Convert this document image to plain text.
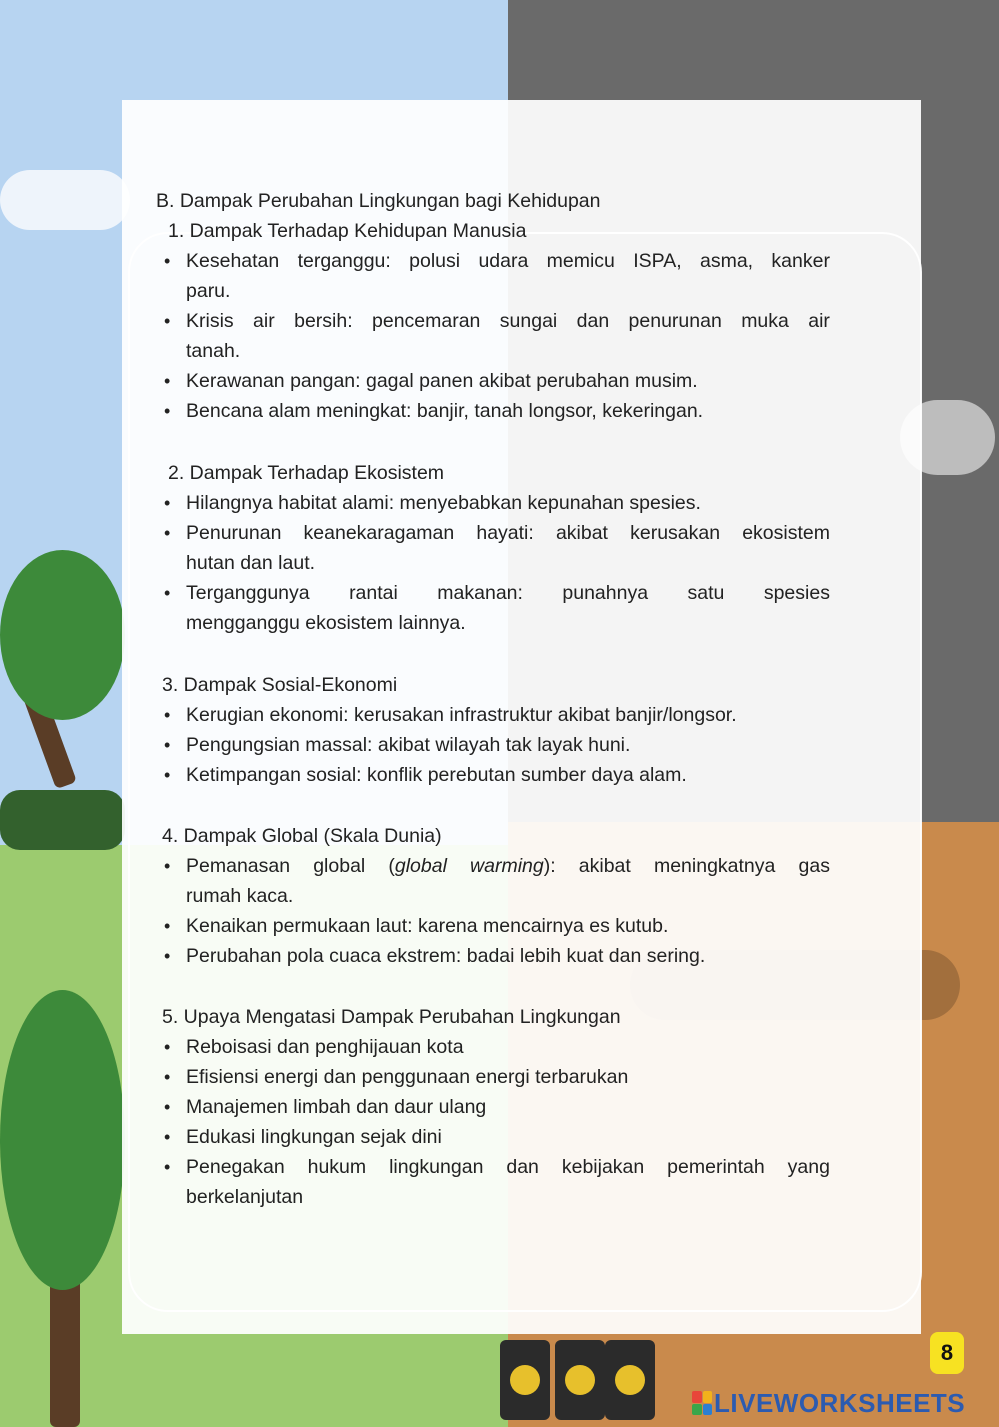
B. Dampak Perubahan Lingkungan bagi Kehidupan
1. Dampak Terhadap Kehidupan Manusia
• Kesehatan terganggu: polusi udara memicu ISPA, asma, kanker
paru.
• Krisis air bersih: pencemaran sungai dan penurunan muka air
tanah.
• Kerawanan pangan: gagal panen akibat perubahan musim.
• Bencana alam meningkat: banjir, tanah longsor, kekeringan.
2. Dampak Terhadap Ekosistem
• Hilangnya habitat alami: menyebabkan kepunahan spesies.
• Penurunan keanekaragaman hayati: akibat kerusakan ekosistem
hutan dan laut.
• Terganggunya rantai makanan: punahnya satu spesies
mengganggu ekosistem lainnya.
3. Dampak Sosial-Ekonomi
• Kerugian ekonomi: kerusakan infrastruktur akibat banjir/longsor.
• Pengungsian massal: akibat wilayah tak layak huni.
• Ketimpangan sosial: konflik perebutan sumber daya alam.
4. Dampak Global (Skala Dunia)
• Pemanasan global (global warming): akibat meningkatnya gas
rumah kaca.
• Kenaikan permukaan laut: karena mencairnya es kutub.
• Perubahan pola cuaca ekstrem: badai lebih kuat dan sering.
5. Upaya Mengatasi Dampak Perubahan Lingkungan
• Reboisasi dan penghijauan kota
• Efisiensi energi dan penggunaan energi terbarukan
• Manajemen limbah dan daur ulang
• Edukasi lingkungan sejak dini
• Penegakan hukum lingkungan dan kebijakan pemerintah yang
berkelanjutan
8
LIVEWORKSHEETS
